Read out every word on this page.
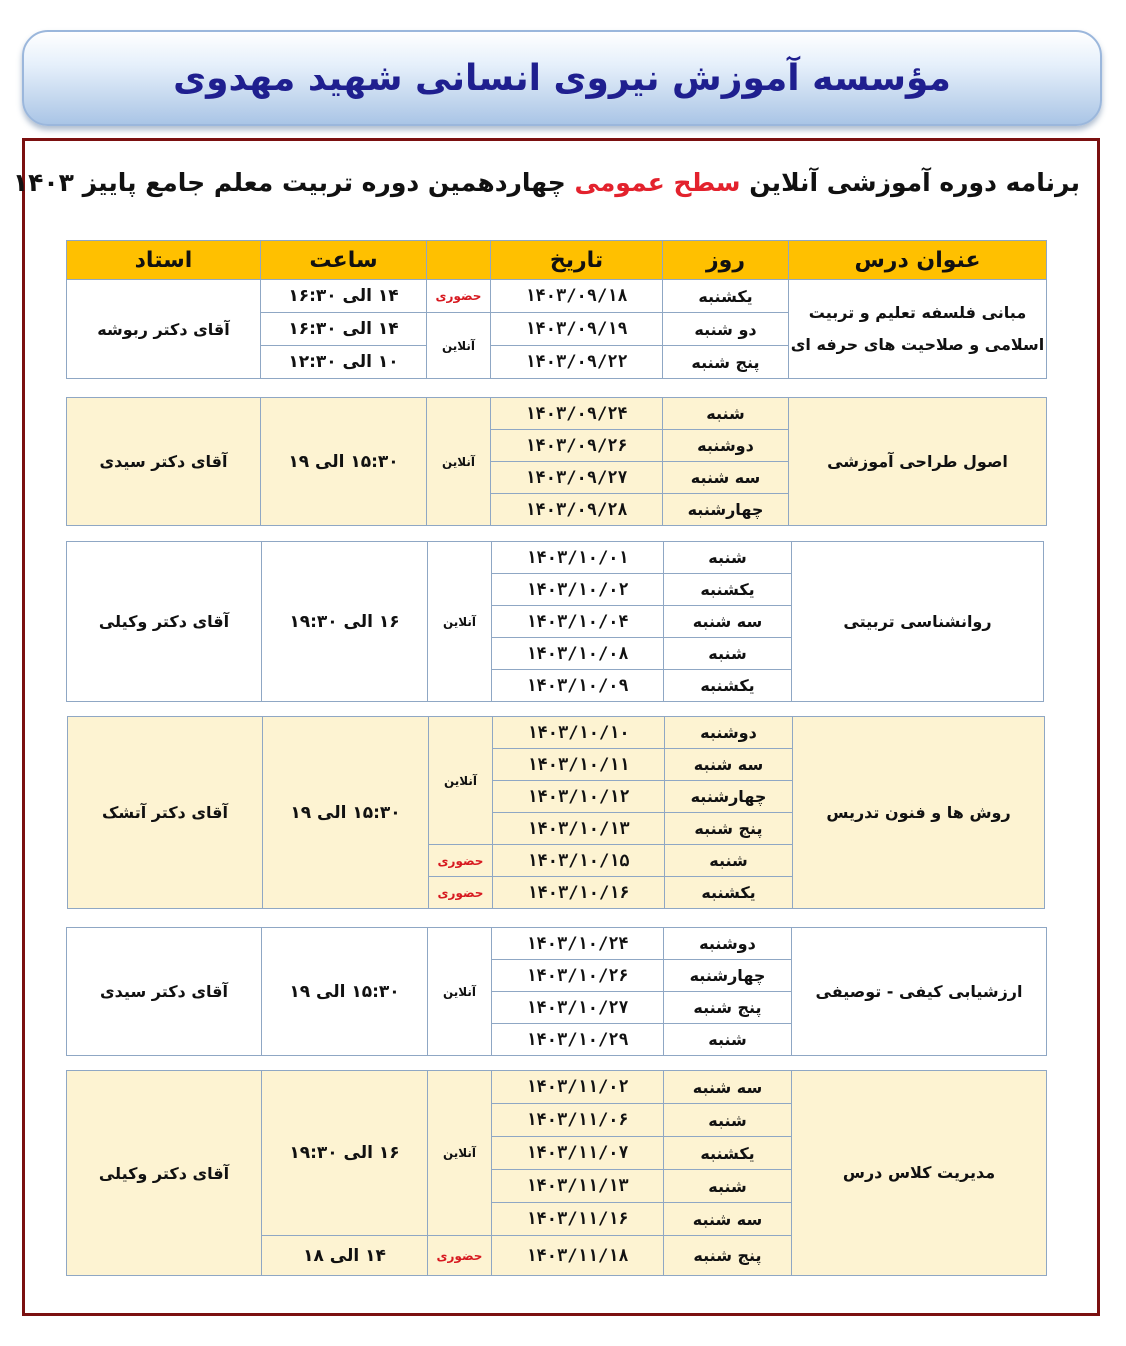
مؤسسه آموزش نیروی انسانی شهید مهدوی
برنامه دوره آموزشی آنلاین سطح عمومی چهاردهمین دوره تربیت معلم جامع پاییز ۱۴۰۳
عنوان درس	روز	تاریخ		ساعت	استاد
مبانی فلسفه تعلیم و تربیت اسلامی و صلاحیت های حرفه ای	یکشنبه	۱۴۰۳/۰۹/۱۸	حضوری	۱۴ الی ۱۶:۳۰	آقای دکتر ربوشه
	دو شنبه	۱۴۰۳/۰۹/۱۹	آنلاین	۱۴ الی ۱۶:۳۰	
	پنج شنبه	۱۴۰۳/۰۹/۲۲		۱۰ الی ۱۲:۳۰	
اصول طراحی آموزشی	شنبه	۱۴۰۳/۰۹/۲۴	آنلاین	۱۵:۳۰ الی ۱۹	آقای دکتر سیدی
	دوشنبه	۱۴۰۳/۰۹/۲۶			
	سه شنبه	۱۴۰۳/۰۹/۲۷			
	چهارشنبه	۱۴۰۳/۰۹/۲۸			
روانشناسی تربیتی	شنبه	۱۴۰۳/۱۰/۰۱	آنلاین	۱۶ الی ۱۹:۳۰	آقای دکتر وکیلی
	یکشنبه	۱۴۰۳/۱۰/۰۲			
	سه شنبه	۱۴۰۳/۱۰/۰۴			
	شنبه	۱۴۰۳/۱۰/۰۸			
	یکشنبه	۱۴۰۳/۱۰/۰۹			
روش ها و فنون تدریس	دوشنبه	۱۴۰۳/۱۰/۱۰	آنلاین	۱۵:۳۰ الی ۱۹	آقای دکتر آتشک
	سه شنبه	۱۴۰۳/۱۰/۱۱			
	چهارشنبه	۱۴۰۳/۱۰/۱۲			
	پنج شنبه	۱۴۰۳/۱۰/۱۳			
	شنبه	۱۴۰۳/۱۰/۱۵	حضوری		
	یکشنبه	۱۴۰۳/۱۰/۱۶	حضوری		
ارزشیابی کیفی - توصیفی	دوشنبه	۱۴۰۳/۱۰/۲۴	آنلاین	۱۵:۳۰ الی ۱۹	آقای دکتر سیدی
	چهارشنبه	۱۴۰۳/۱۰/۲۶			
	پنج شنبه	۱۴۰۳/۱۰/۲۷			
	شنبه	۱۴۰۳/۱۰/۲۹			
مدیریت کلاس درس	سه شنبه	۱۴۰۳/۱۱/۰۲	آنلاین	۱۶ الی ۱۹:۳۰	آقای دکتر وکیلی
	شنبه	۱۴۰۳/۱۱/۰۶			
	یکشنبه	۱۴۰۳/۱۱/۰۷			
	شنبه	۱۴۰۳/۱۱/۱۳			
	سه شنبه	۱۴۰۳/۱۱/۱۶			
	پنج شنبه	۱۴۰۳/۱۱/۱۸	حضوری	۱۴ الی ۱۸	
